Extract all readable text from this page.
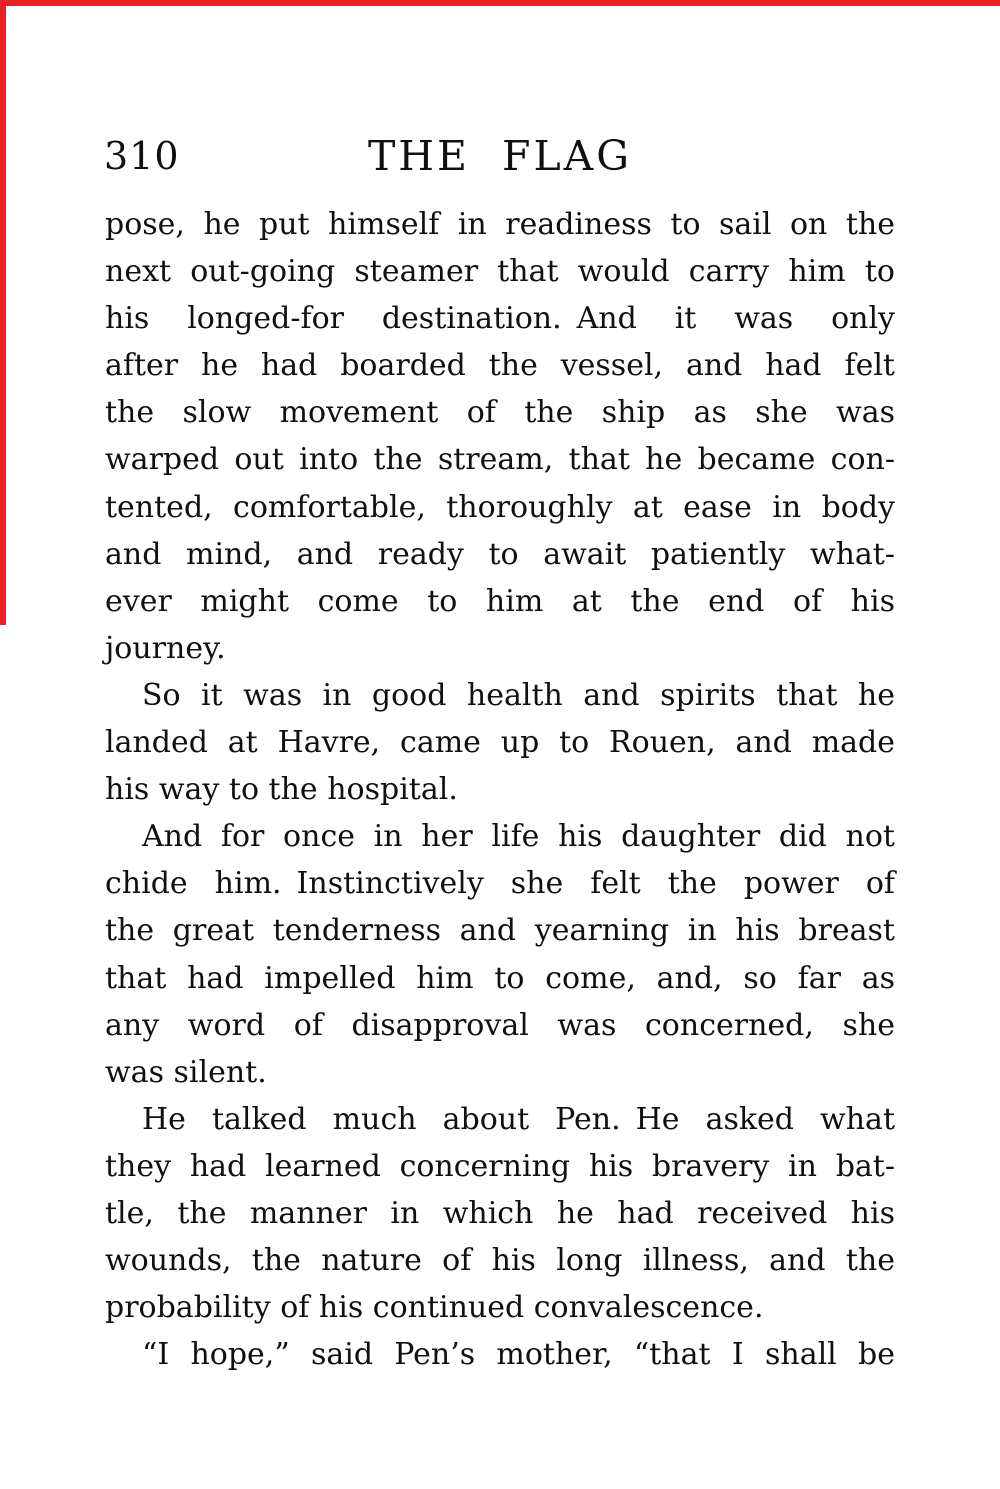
310	THE FLAG
pose, he put himself in readiness to sail on the
next out-going steamer that would carry him to
his longed-for destination. And it was only
after he had boarded the vessel, and had felt
the slow movement of the ship as she was
warped out into the stream, that he became con-
tented, comfortable, thoroughly at ease in body
and mind, and ready to await patiently what-
ever might come to him at the end of his
journey.
So it was in good health and spirits that he
landed at Havre, came up to Rouen, and made
his way to the hospital.
And for once in her life his daughter did not
chide him. Instinctively she felt the power of
the great tenderness and yearning in his breast
that had impelled him to come, and, so far as
any word of disapproval was concerned, she
was silent.
He talked much about Pen. He asked what
they had learned concerning his bravery in bat-
tle, the manner in which he had received his
wounds, the nature of his long illness, and the
probability of his continued convalescence.
“I hope,” said Pen’s mother, “that I shall be
